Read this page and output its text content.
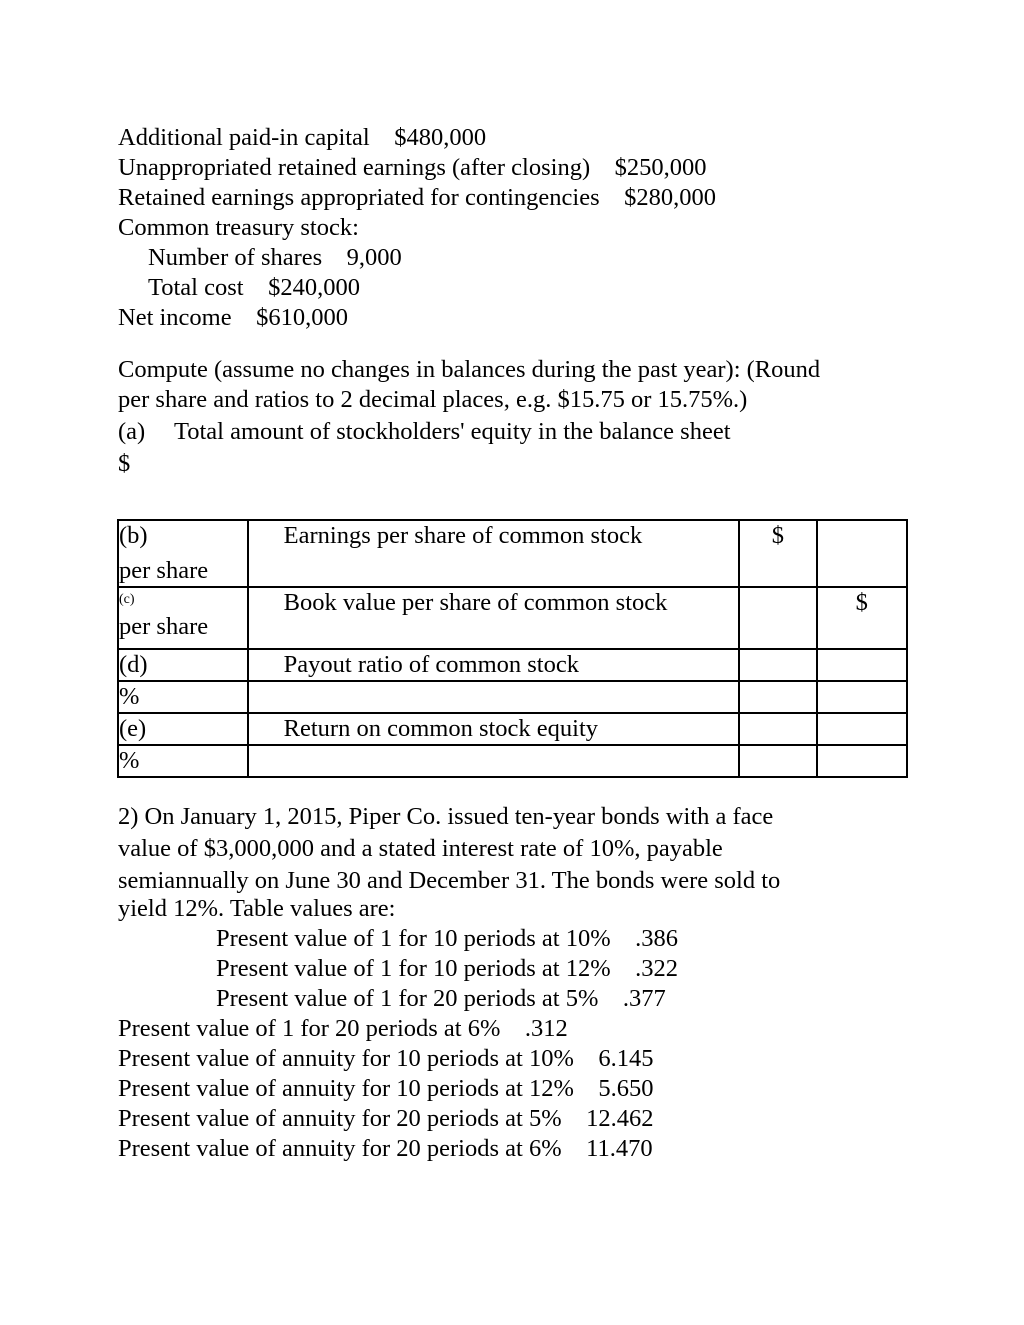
Additional paid-in capital    $480,000
Unappropriated retained earnings (after closing)    $250,000
Retained earnings appropriated for contingencies    $280,000
Common treasury stock:
Number of shares    9,000
Total cost    $240,000
Net income    $610,000
Compute (assume no changes in balances during the past year): (Round
per share and ratios to 2 decimal places, e.g. $15.75 or 15.75%.)
(a) Total amount of stockholders' equity in the balance sheet
$
(b)
per share	Earnings per share of common stock	$	

(c)
per share	Book value per share of common stock		$
(d)	Payout ratio of common stock		
%			
(e)	Return on common stock equity		
%			
2) On January 1, 2015, Piper Co. issued ten-year bonds with a face
value of $3,000,000 and a stated interest rate of 10%, payable
semiannually on June 30 and December 31. The bonds were sold to
yield 12%. Table values are:
Present value of 1 for 10 periods at 10%    .386
Present value of 1 for 10 periods at 12%    .322
Present value of 1 for 20 periods at 5%    .377
Present value of 1 for 20 periods at 6%    .312
Present value of annuity for 10 periods at 10%    6.145
Present value of annuity for 10 periods at 12%    5.650
Present value of annuity for 20 periods at 5%    12.462
Present value of annuity for 20 periods at 6%    11.470
